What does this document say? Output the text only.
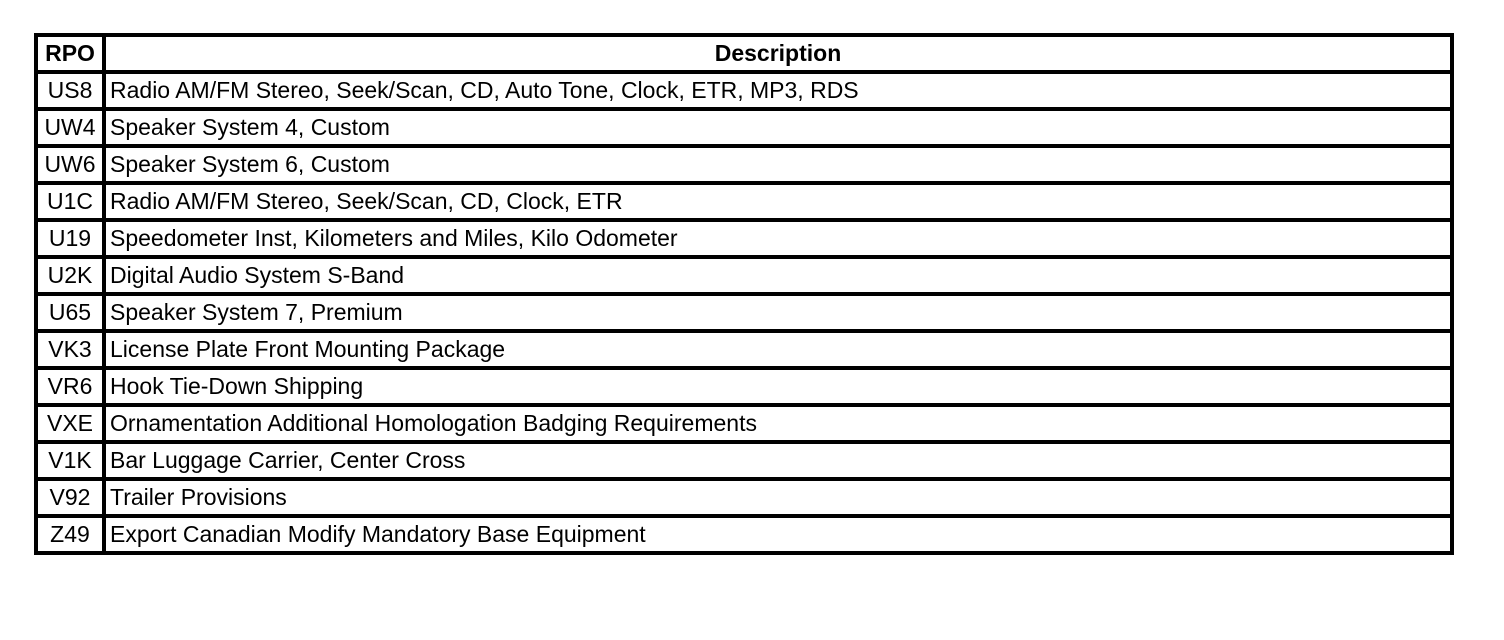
RPO	Description
US8	Radio AM/FM Stereo, Seek/Scan, CD, Auto Tone, Clock, ETR, MP3, RDS
UW4	Speaker System 4, Custom
UW6	Speaker System 6, Custom
U1C	Radio AM/FM Stereo, Seek/Scan, CD, Clock, ETR
U19	Speedometer Inst, Kilometers and Miles, Kilo Odometer
U2K	Digital Audio System S-Band
U65	Speaker System 7, Premium
VK3	License Plate Front Mounting Package
VR6	Hook Tie-Down Shipping
VXE	Ornamentation Additional Homologation Badging Requirements
V1K	Bar Luggage Carrier, Center Cross
V92	Trailer Provisions
Z49	Export Canadian Modify Mandatory Base Equipment
